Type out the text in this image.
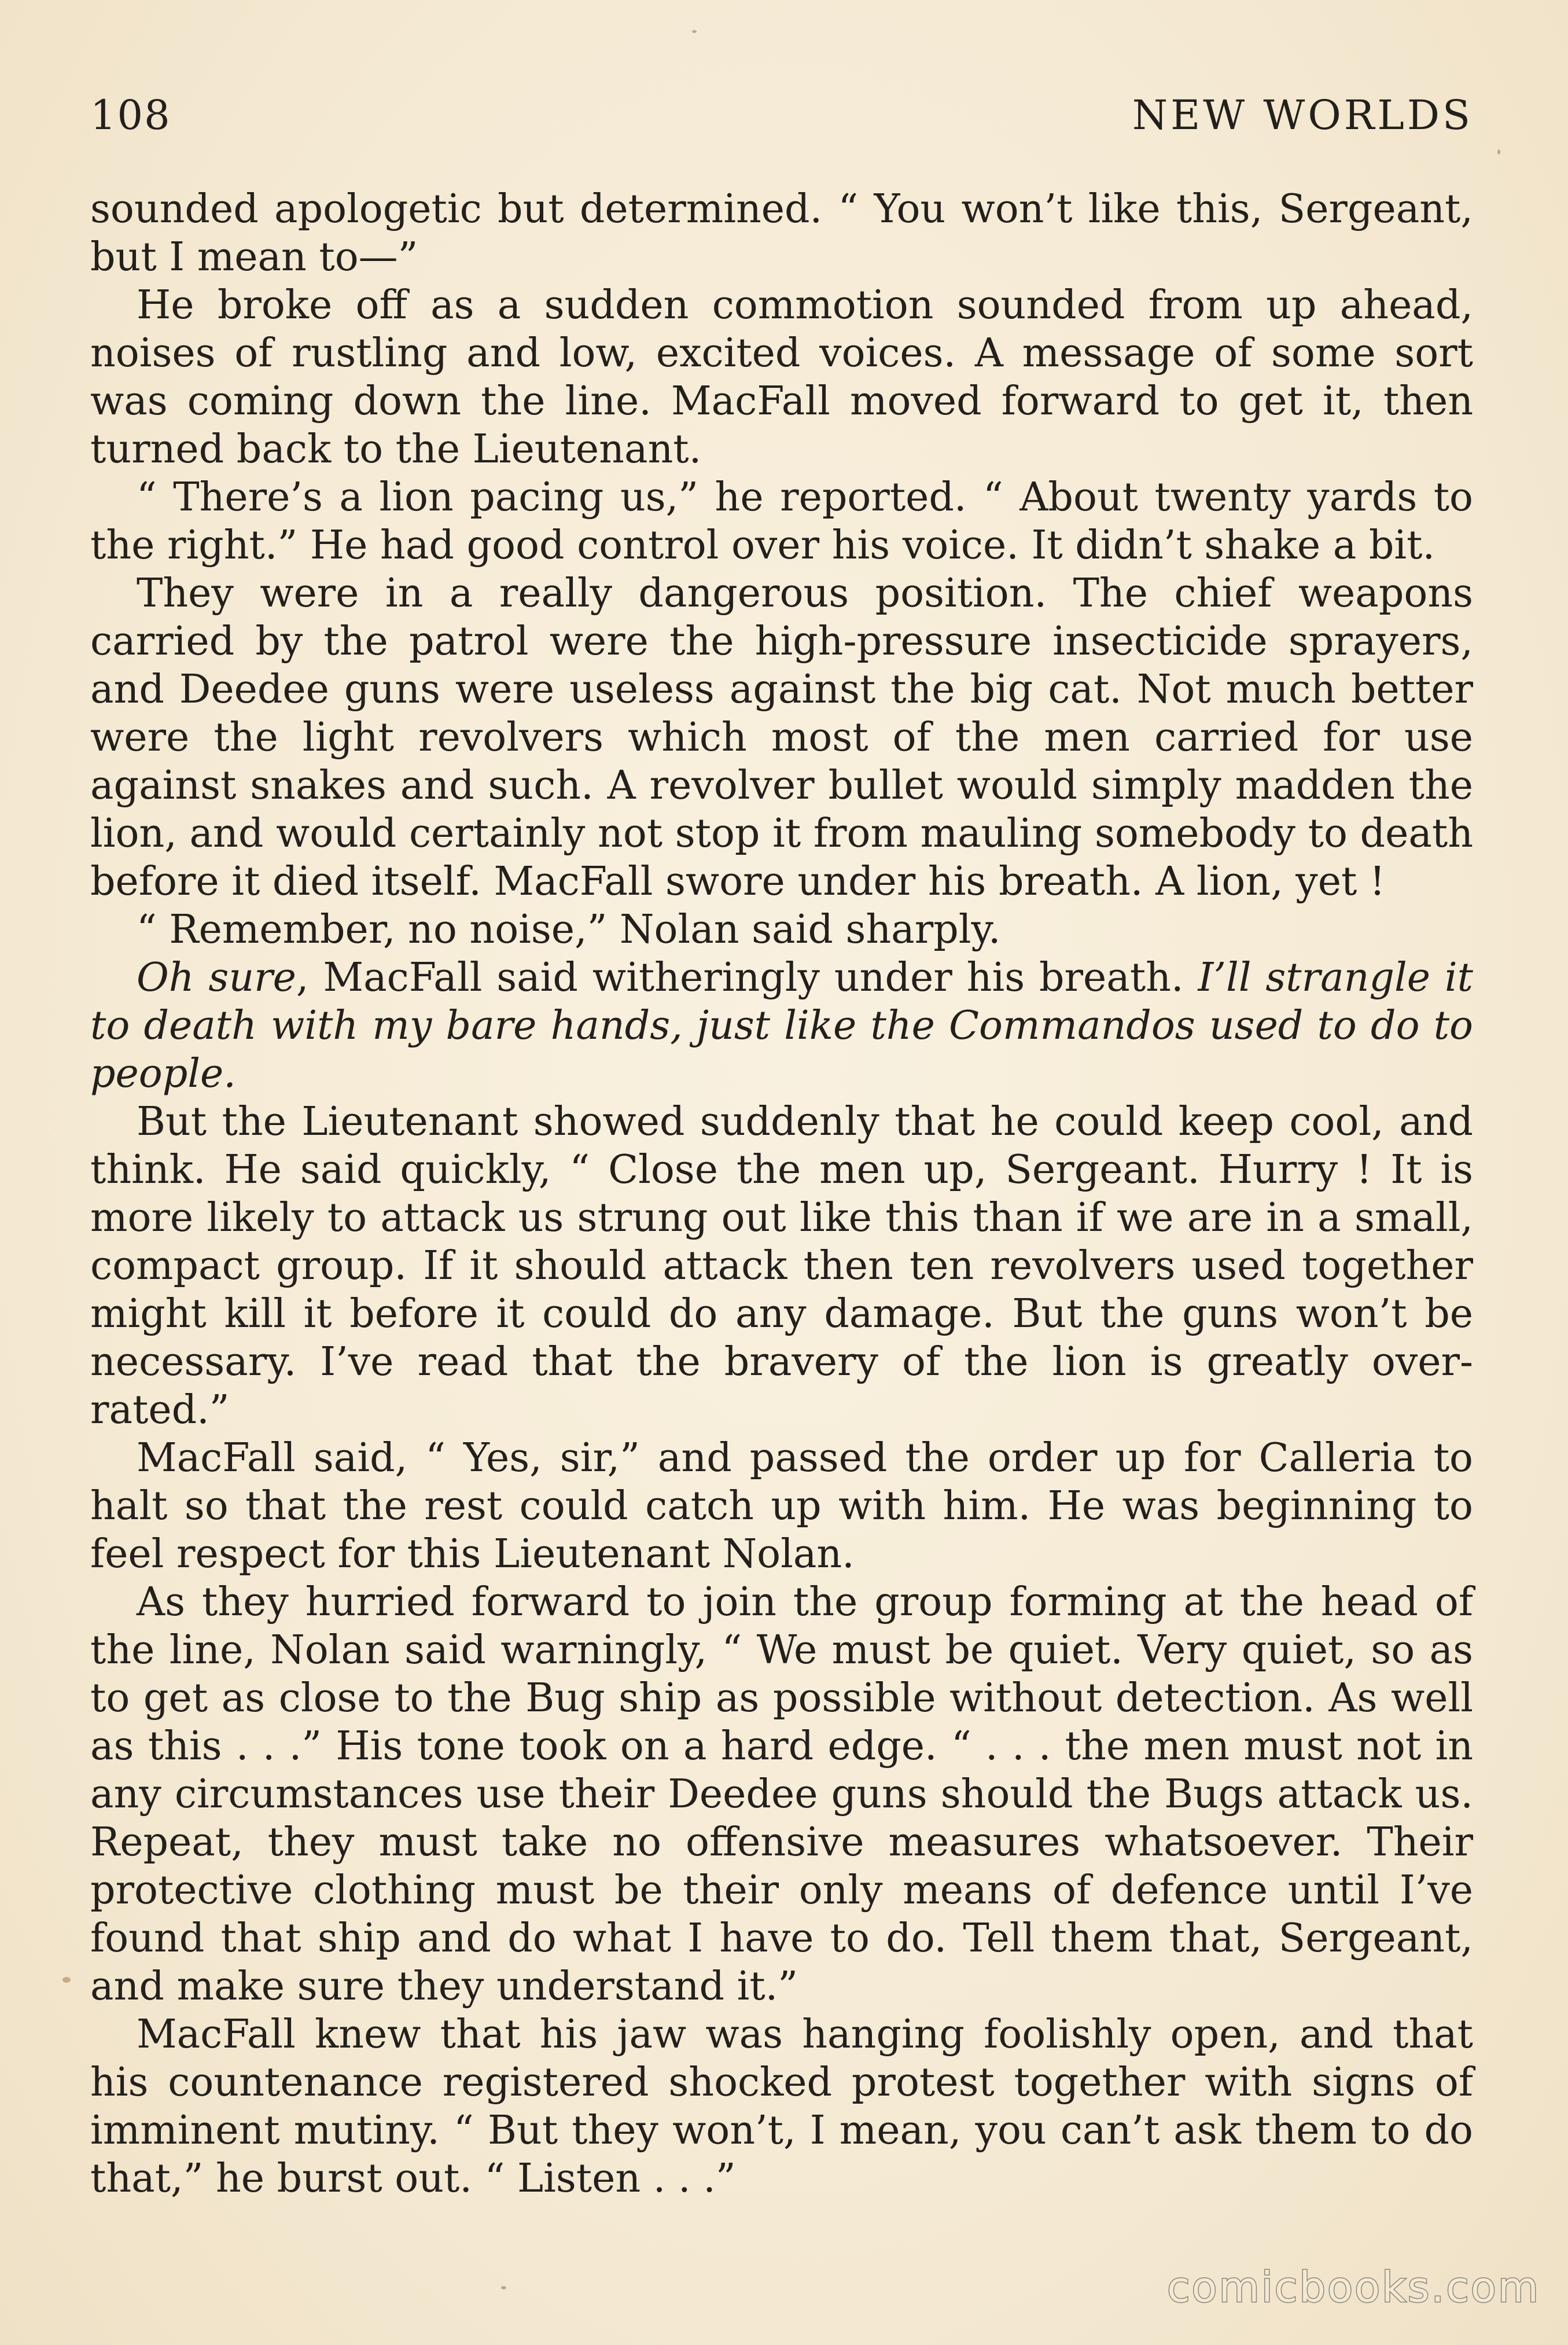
108	NEW WORLDS

sounded apologetic but determined. “ You won’t like this, Sergeant, but I mean to—”

He broke off as a sudden commotion sounded from up ahead, noises of rustling and low, excited voices. A message of some sort was coming down the line. MacFall moved forward to get it, then turned back to the Lieutenant.

“ There’s a lion pacing us,” he reported. “ About twenty yards to the right.” He had good control over his voice. It didn’t shake a bit.

They were in a really dangerous position. The chief weapons carried by the patrol were the high-pressure insecticide sprayers, and Deedee guns were useless against the big cat. Not much better were the light revolvers which most of the men carried for use against snakes and such. A revolver bullet would simply madden the lion, and would certainly not stop it from mauling somebody to death before it died itself. MacFall swore under his breath. A lion, yet !

“ Remember, no noise,” Nolan said sharply.

Oh sure, MacFall said witheringly under his breath. I’ll strangle it to death with my bare hands, just like the Commandos used to do to people.

But the Lieutenant showed suddenly that he could keep cool, and think. He said quickly, “ Close the men up, Sergeant. Hurry ! It is more likely to attack us strung out like this than if we are in a small, compact group. If it should attack then ten revolvers used together might kill it before it could do any damage. But the guns won’t be necessary. I’ve read that the bravery of the lion is greatly over-rated.”

MacFall said, “ Yes, sir,” and passed the order up for Calleria to halt so that the rest could catch up with him. He was beginning to feel respect for this Lieutenant Nolan.

As they hurried forward to join the group forming at the head of the line, Nolan said warningly, “ We must be quiet. Very quiet, so as to get as close to the Bug ship as possible without detection. As well as this . . .” His tone took on a hard edge. “ . . . the men must not in any circumstances use their Deedee guns should the Bugs attack us. Repeat, they must take no offensive measures whatsoever. Their protective clothing must be their only means of defence until I’ve found that ship and do what I have to do. Tell them that, Sergeant, and make sure they understand it.”

MacFall knew that his jaw was hanging foolishly open, and that his countenance registered shocked protest together with signs of imminent mutiny. “ But they won’t, I mean, you can’t ask them to do that,” he burst out. “ Listen . . .”

comicbooks.com
